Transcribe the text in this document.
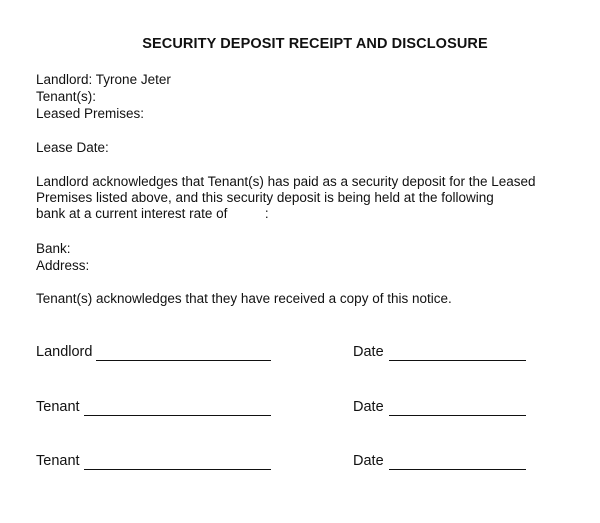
SECURITY DEPOSIT RECEIPT AND DISCLOSURE
Landlord: Tyrone Jeter
Tenant(s):
Leased Premises:
Lease Date:
Landlord acknowledges that Tenant(s) has paid as a security deposit for the Leased
Premises listed above, and this security deposit is being held at the following
bank at a current interest rate of          :
Bank:
Address:
Tenant(s) acknowledges that they have received a copy of this notice.
Landlord	Date
Tenant	Date
Tenant	Date
